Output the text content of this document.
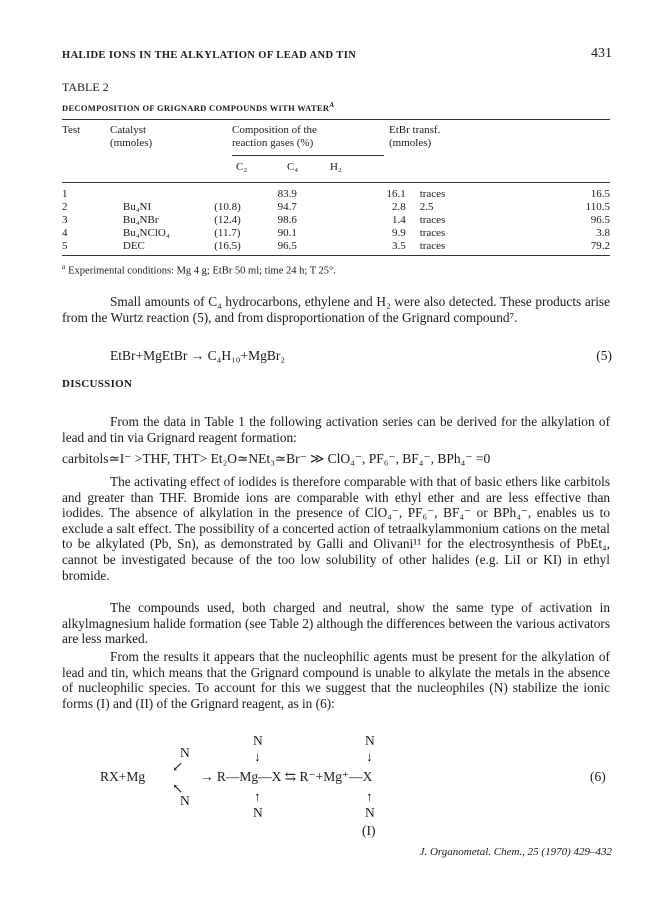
HALIDE IONS IN THE ALKYLATION OF LEAD AND TIN	431
TABLE 2
DECOMPOSITION OF GRIGNARD COMPOUNDS WITH $WATER^A$
Test	Catalyst	Composition of the	EtBr transf.
	(mmoles)	reaction gases (%)	(mmoles)
C₂	C₄	H₂
1			83.9	16.1	traces	16.5
2	Bu₄NI	(10.8)	94.7	2.8	2.5	110.5
3	Bu₄NBr	(12.4)	98.6	1.4	traces	96.5
4	Bu₄NClO₄	(11.7)	90.1	9.9	traces	3.8
5	DEC	(16.5)	96.5	3.5	traces	79.2
$^a$ Experimental conditions: Mg 4 g; EtBr 50 ml; time 24 h; T 25°.

Small amounts of C₄ hydrocarbons, ethylene and H₂ were also detected. These products arise from the Wurtz reaction (5), and from disproportionation of the Grignard compound⁷.

EtBr+MgEtBr → C₄H₁₀+MgBr₂	(5)
DISCUSSION

From the data in Table 1 the following activation series can be derived for the alkylation of lead and tin via Grignard reagent formation:

carbitols≃I⁻ >THF, THT> Et₂O≃NEt₃≃Br⁻ ≫ ClO₄⁻, PF₆⁻, BF₄⁻, BPh₄⁻ =0

The activating effect of iodides is therefore comparable with that of basic ethers like carbitols and greater than THF. Bromide ions are comparable with ethyl ether and are less effective than iodides. The absence of alkylation in the presence of ClO₄⁻, PF₆⁻, BF₄⁻ or BPh₄⁻, enables us to exclude a salt effect. The possibility of a concerted action of tetraalkylammonium cations on the metal to be alkylated (Pb, Sn), as demonstrated by Galli and Olivani¹¹ for the electrosynthesis of PbEt₄, cannot be investigated because of the too low solubility of other halides (e.g. LiI or KI) in ethyl bromide.

The compounds used, both charged and neutral, show the same type of activation in alkylmagnesium halide formation (see Table 2) although the differences between the various activators are less marked.

From the results it appears that the nucleophilic agents must be present for the alkylation of lead and tin, which means that the Grignard compound is unable to alkylate the metals in the absence of nucleophilic species. To account for this we suggest that the nucleophiles (N) stabilize the ionic forms (I) and (II) of the Grignard reagent, as in (6):

N
↙
RX+Mg
↖
N
N
↓
→ R—Mg—X ⇆ R⁻+Mg⁺—X
↑
N
N
↓
↑
N
(I)
(6)
J. Organometal. Chem., 25 (1970) 429–432
